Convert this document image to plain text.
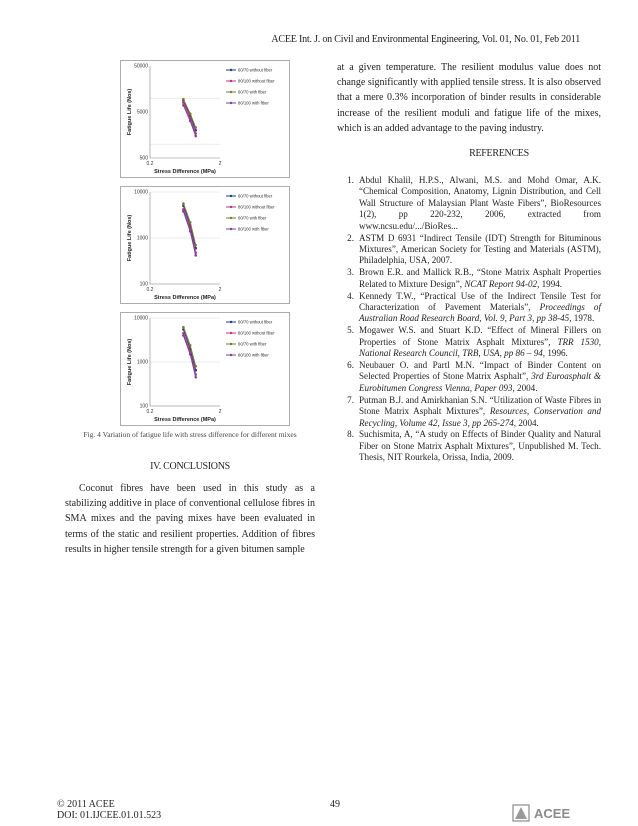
ACEE Int. J. on Civil and Environmental Engineering, Vol. 01, No. 01, Feb 2011
500
5000
50000
0.2	2
Stress Difference (MPa)
Fatigue Life (Nos)
60/70 without fiber
80/100 without fiber
60/70 with fiber
80/100 with fiber
100
1000
10000
0.2	2
Stress Difference (MPa)
Fatigue Life (Nos)
60/70 without fiber
80/100 without fiber
60/70 with fiber
80/100 with fiber
100
1000
10000
0.2	2
Stress Difference (MPa)
Fatigue Life (Nos)
60/70 without fiber
80/100 without fiber
60/70 with fiber
80/100 with fiber
Fig. 4 Variation of fatigue life with stress difference for different mixes
IV. CONCLUSIONS

Coconut fibres have been used in this study as a stabilizing additive in place of conventional cellulose fibres in SMA mixes and the paving mixes have been evaluated in terms of the static and resilient properties. Addition of fibres results in higher tensile strength for a given bitumen sample

at a given temperature. The resilient modulus value does not change significantly with applied tensile stress. It is also observed that a mere 0.3% incorporation of binder results in considerable increase of the resilient moduli and fatigue life of the mixes, which is an added advantage to the paving industry.

REFERENCES
1. Abdul Khalil, H.P.S., Alwani, M.S. and Mohd Omar, A.K. “Chemical Composition, Anatomy, Lignin Distribution, and Cell Wall Structure of Malaysian Plant Waste Fibers”, BioResources 1(2), pp 220-232, 2006, extracted from www.ncsu.edu/.../BioRes...
2. ASTM D 6931 “Indirect Tensile (IDT) Strength for Bituminous Mixtures”, American Society for Testing and Materials (ASTM), Philadelphia, USA, 2007.
3. Brown E.R. and Mallick R.B., “Stone Matrix Asphalt Properties Related to Mixture Design”, NCAT Report 94-02, 1994.
4. Kennedy T.W., “Practical Use of the Indirect Tensile Test for Characterization of Pavement Materials”, Proceedings of Australian Road Research Board, Vol. 9, Part 3, pp 38-45, 1978.
5. Mogawer W.S. and Stuart K.D. “Effect of Mineral Fillers on Properties of Stone Matrix Asphalt Mixtures”, TRR 1530, National Research Council, TRB, USA, pp 86 – 94, 1996.
6. Neubauer O. and Partl M.N. “Impact of Binder Content on Selected Properties of Stone Matrix Asphalt”, 3rd Euroasphalt & Eurobitumen Congress Vienna, Paper 093, 2004.
7. Putman B.J. and Amirkhanian S.N. “Utilization of Waste Fibres in Stone Matrix Asphalt Mixtures”, Resources, Conservation and Recycling, Volume 42, Issue 3, pp 265-274, 2004.
8. Suchismita, A, “A study on Effects of Binder Quality and Natural Fiber on Stone Matrix Asphalt Mixtures”, Unpublished M. Tech. Thesis, NIT Rourkela, Orissa, India, 2009.
© 2011 ACEE
DOI: 01.IJCEE.01.01.523
49
ACEE
